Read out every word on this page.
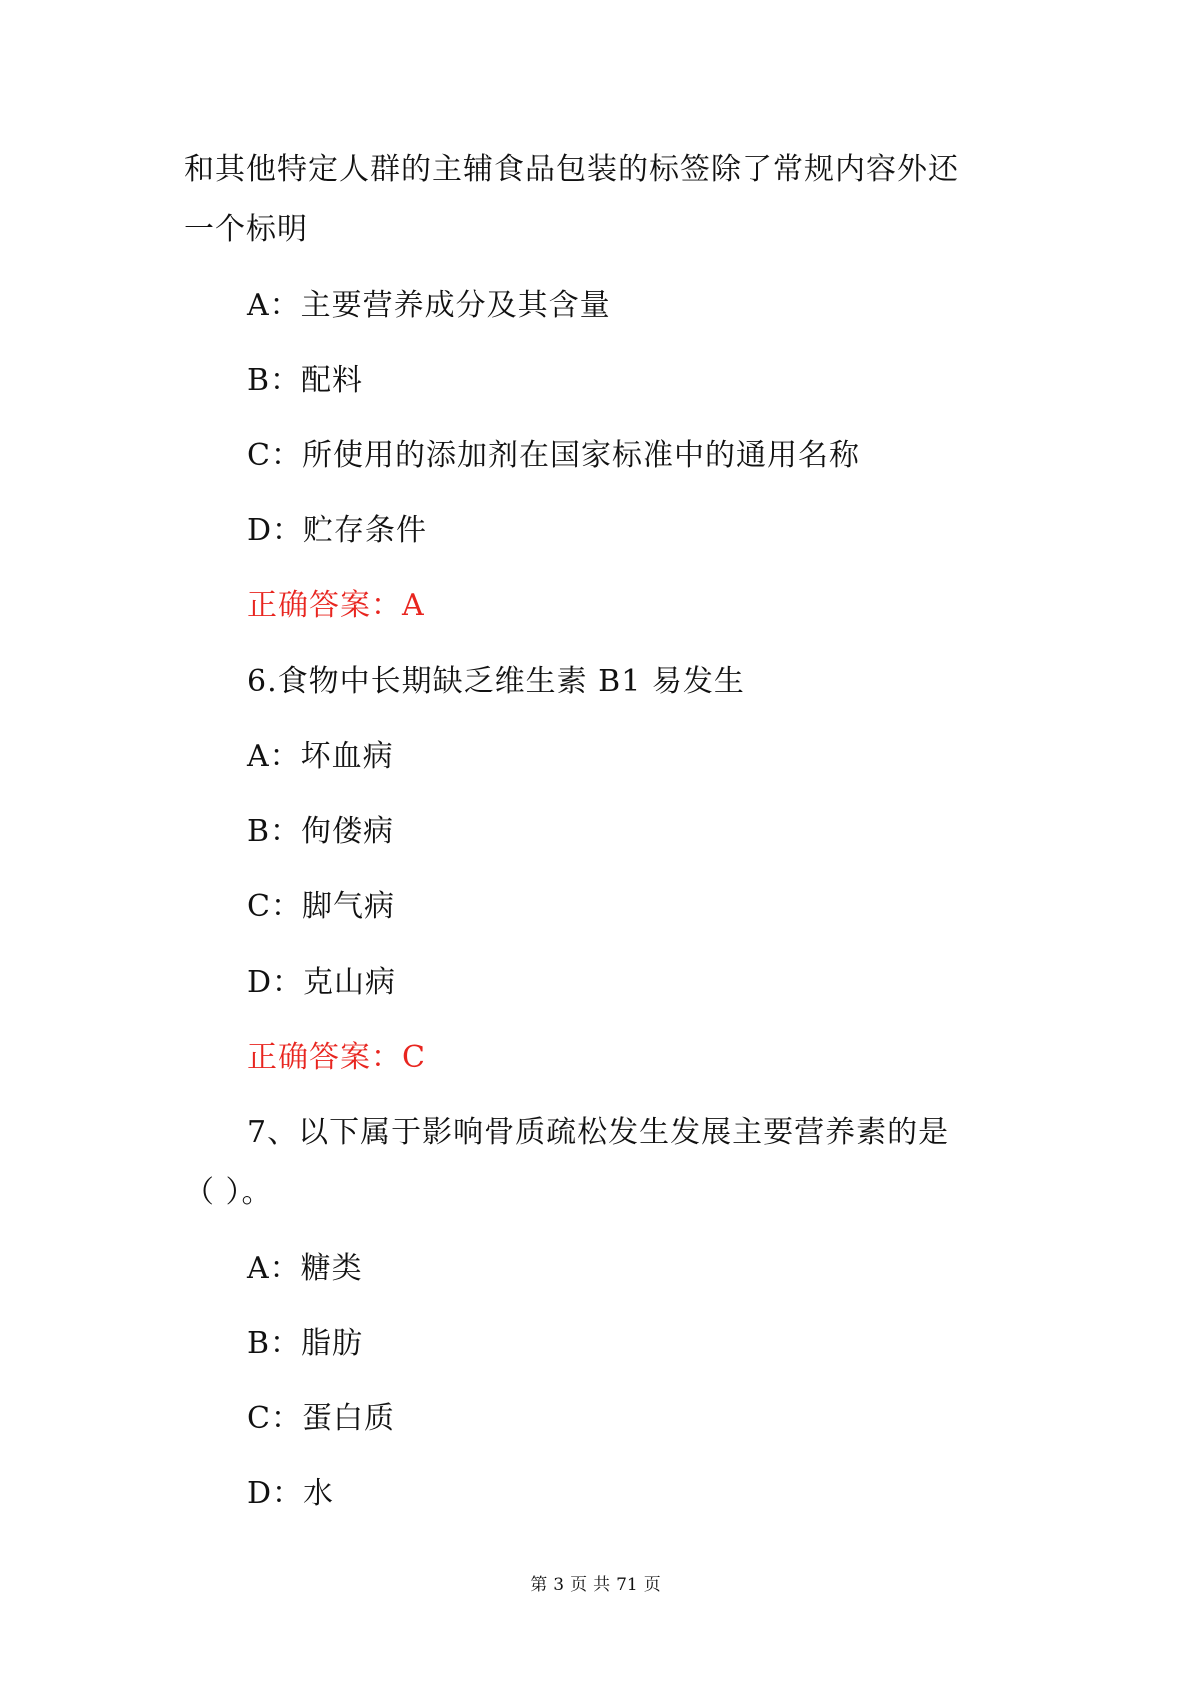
和其他特定人群的主辅食品包装的标签除了常规内容外还
一个标明
A：主要营养成分及其含量
B：配料
C：所使用的添加剂在国家标准中的通用名称
D：贮存条件
正确答案：A
6.食物中长期缺乏维生素 B1 易发生
A：坏血病
B：佝偻病
C：脚气病
D：克山病
正确答案：C
7、以下属于影响骨质疏松发生发展主要营养素的是
（ ）。
A：糖类
B：脂肪
C：蛋白质
D：水
第 3 页 共 71 页
